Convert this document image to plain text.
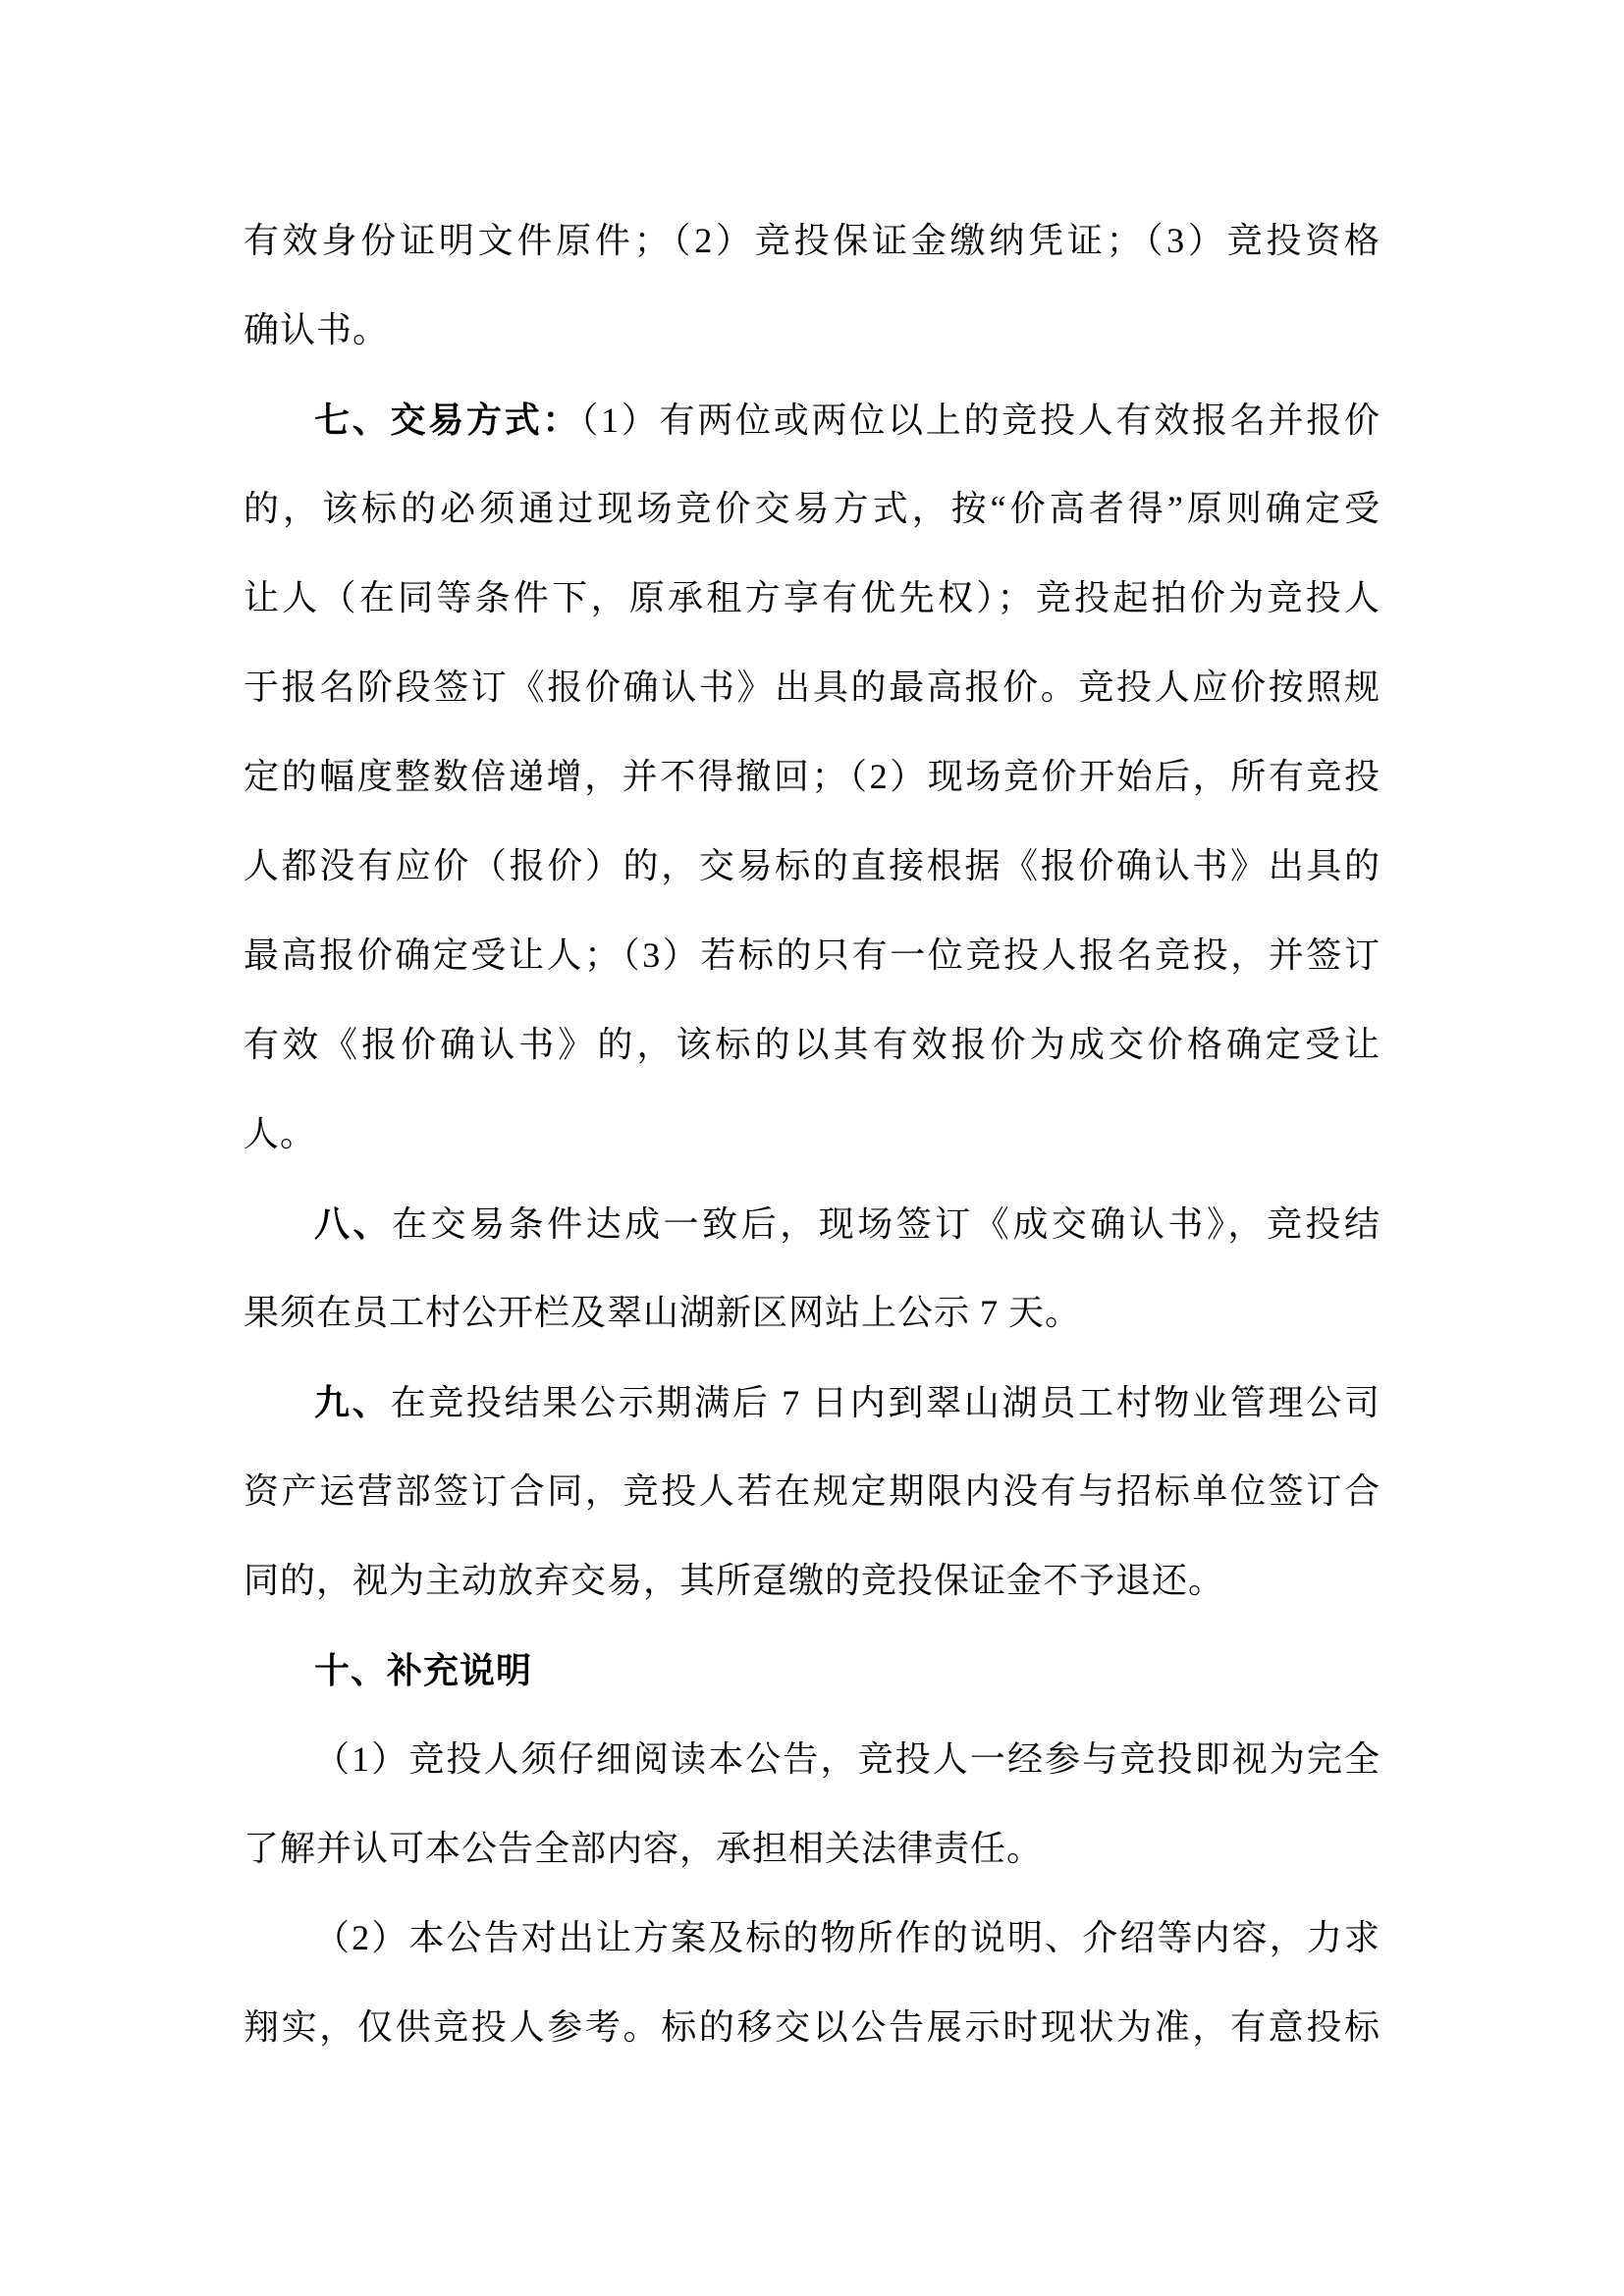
有效身份证明文件原件；（2）竞投保证金缴纳凭证；（3）竞投资格
确认书。
七、交易方式：（1）有两位或两位以上的竞投人有效报名并报价
的，该标的必须通过现场竞价交易方式，按“价高者得”原则确定受
让人（在同等条件下，原承租方享有优先权）；竞投起拍价为竞投人
于报名阶段签订《报价确认书》出具的最高报价。竞投人应价按照规
定的幅度整数倍递增，并不得撤回；（2）现场竞价开始后，所有竞投
人都没有应价（报价）的，交易标的直接根据《报价确认书》出具的
最高报价确定受让人；（3）若标的只有一位竞投人报名竞投，并签订
有效《报价确认书》的，该标的以其有效报价为成交价格确定受让
人。
八、在交易条件达成一致后，现场签订《成交确认书》，竞投结
果须在员工村公开栏及翠山湖新区网站上公示 7 天。
九、在竞投结果公示期满后 7 日内到翠山湖员工村物业管理公司
资产运营部签订合同，竞投人若在规定期限内没有与招标单位签订合
同的，视为主动放弃交易，其所趸缴的竞投保证金不予退还。
十、补充说明
（1）竞投人须仔细阅读本公告，竞投人一经参与竞投即视为完全
了解并认可本公告全部内容，承担相关法律责任。
（2）本公告对出让方案及标的物所作的说明、介绍等内容，力求
翔实，仅供竞投人参考。标的移交以公告展示时现状为准，有意投标
